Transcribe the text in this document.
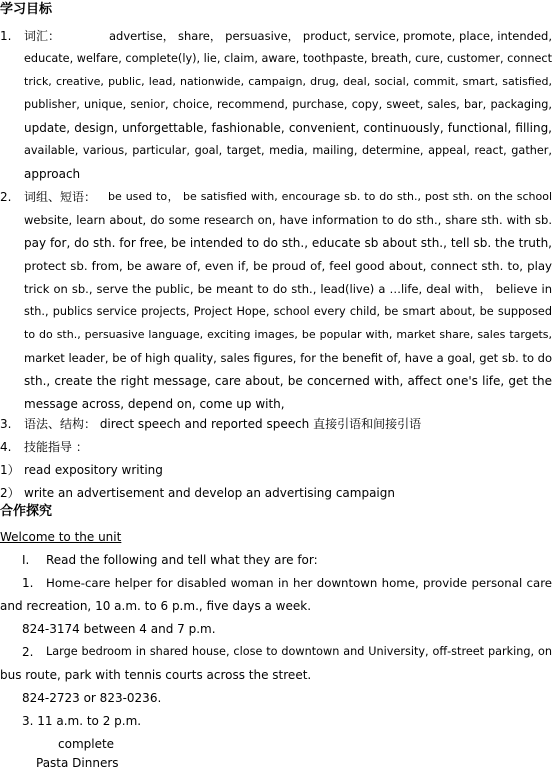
学习目标
1. 词汇：	advertise， share， persuasive， product, service, promote, place, intended,
educate, welfare, complete(ly), lie, claim, aware, toothpaste, breath, cure, customer, connect
trick, creative, public, lead, nationwide, campaign, drug, deal, social, commit, smart, satisfied,
publisher, unique, senior, choice, recommend, purchase, copy, sweet, sales, bar, packaging,
update, design, unforgettable, fashionable, convenient, continuously, functional, filling,
available, various, particular, goal, target, media, mailing, determine, appeal, react, gather,
approach
2. 词组、短语： be used to， be satisfied with, encourage sb. to do sth., post sth. on the school
website, learn about, do some research on, have information to do sth., share sth. with sb.
pay for, do sth. for free, be intended to do sth., educate sb about sth., tell sb. the truth,
protect sb. from, be aware of, even if, be proud of, feel good about, connect sth. to, play
trick on sb., serve the public, be meant to do sth., lead(live) a …life, deal with， believe in
sth., publics service projects, Project Hope, school every child, be smart about, be supposed
to do sth., persuasive language, exciting images, be popular with, market share, sales targets,
market leader, be of high quality, sales figures, for the benefit of, have a goal, get sb. to do
sth., create the right message, care about, be concerned with, affect one's life, get the
message across, depend on, come up with,
3. 语法、结构： direct speech and reported speech 直接引语和间接引语
4. 技能指导 ：
1） read expository writing
2） write an advertisement and develop an advertising campaign
合作探究
Welcome to the unit
I. Read the following and tell what they are for:
1. Home-care helper for disabled woman in her downtown home, provide personal care
and recreation, 10 a.m. to 6 p.m., five days a week.
824-3174 between 4 and 7 p.m.
2. Large bedroom in shared house, close to downtown and University, off-street parking, on
bus route, park with tennis courts across the street.
824-2723 or 823-0236.
3. 11 a.m. to 2 p.m.
complete
Pasta Dinners
